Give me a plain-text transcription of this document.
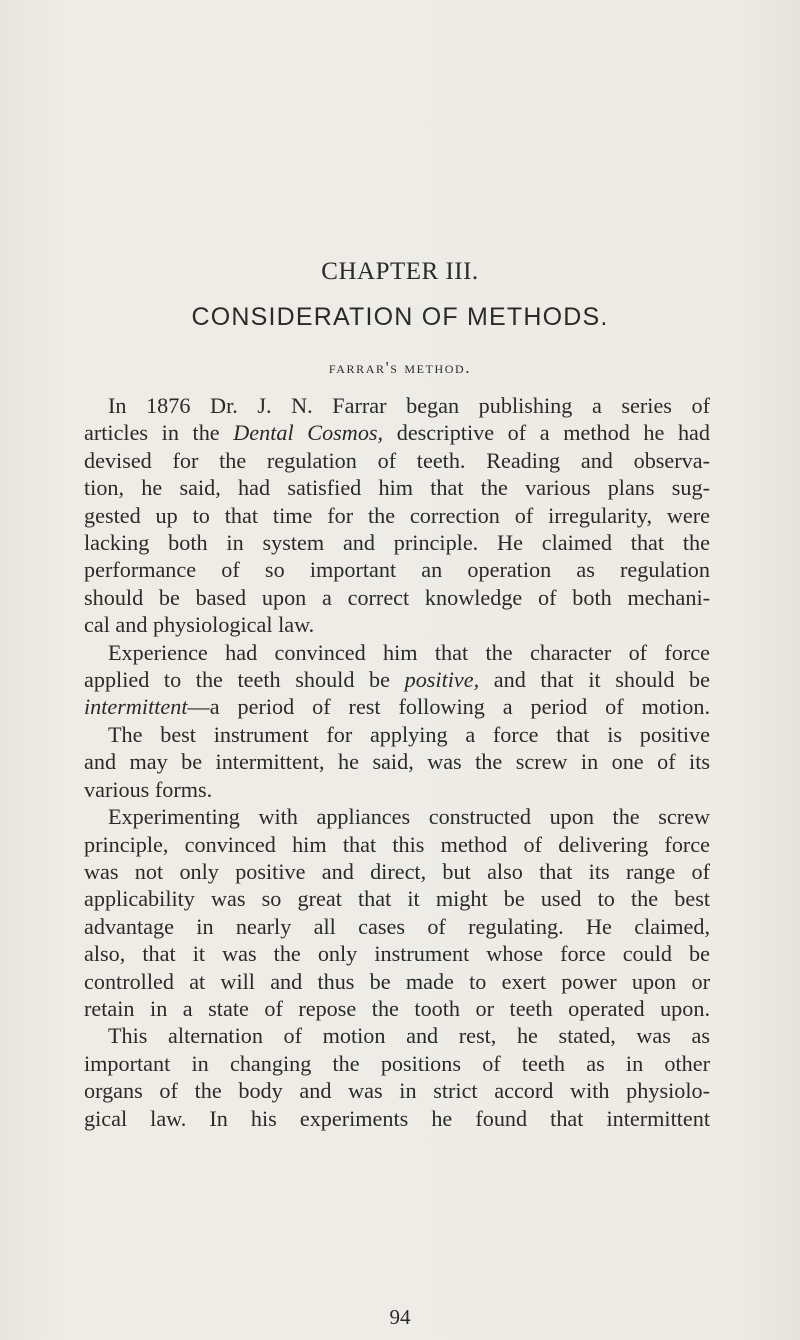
CHAPTER III.
CONSIDERATION OF METHODS.
farrar's method.
In 1876 Dr. J. N. Farrar began publishing a series of
articles in the Dental Cosmos, descriptive of a method he had
devised for the regulation of teeth. Reading and observa-
tion, he said, had satisfied him that the various plans sug-
gested up to that time for the correction of irregularity, were
lacking both in system and principle. He claimed that the
performance of so important an operation as regulation
should be based upon a correct knowledge of both mechani-
cal and physiological law.
Experience had convinced him that the character of force
applied to the teeth should be positive, and that it should be
intermittent—a period of rest following a period of motion.
The best instrument for applying a force that is positive
and may be intermittent, he said, was the screw in one of its
various forms.
Experimenting with appliances constructed upon the screw
principle, convinced him that this method of delivering force
was not only positive and direct, but also that its range of
applicability was so great that it might be used to the best
advantage in nearly all cases of regulating. He claimed,
also, that it was the only instrument whose force could be
controlled at will and thus be made to exert power upon or
retain in a state of repose the tooth or teeth operated upon.
This alternation of motion and rest, he stated, was as
important in changing the positions of teeth as in other
organs of the body and was in strict accord with physiolo-
gical law. In his experiments he found that intermittent
94
